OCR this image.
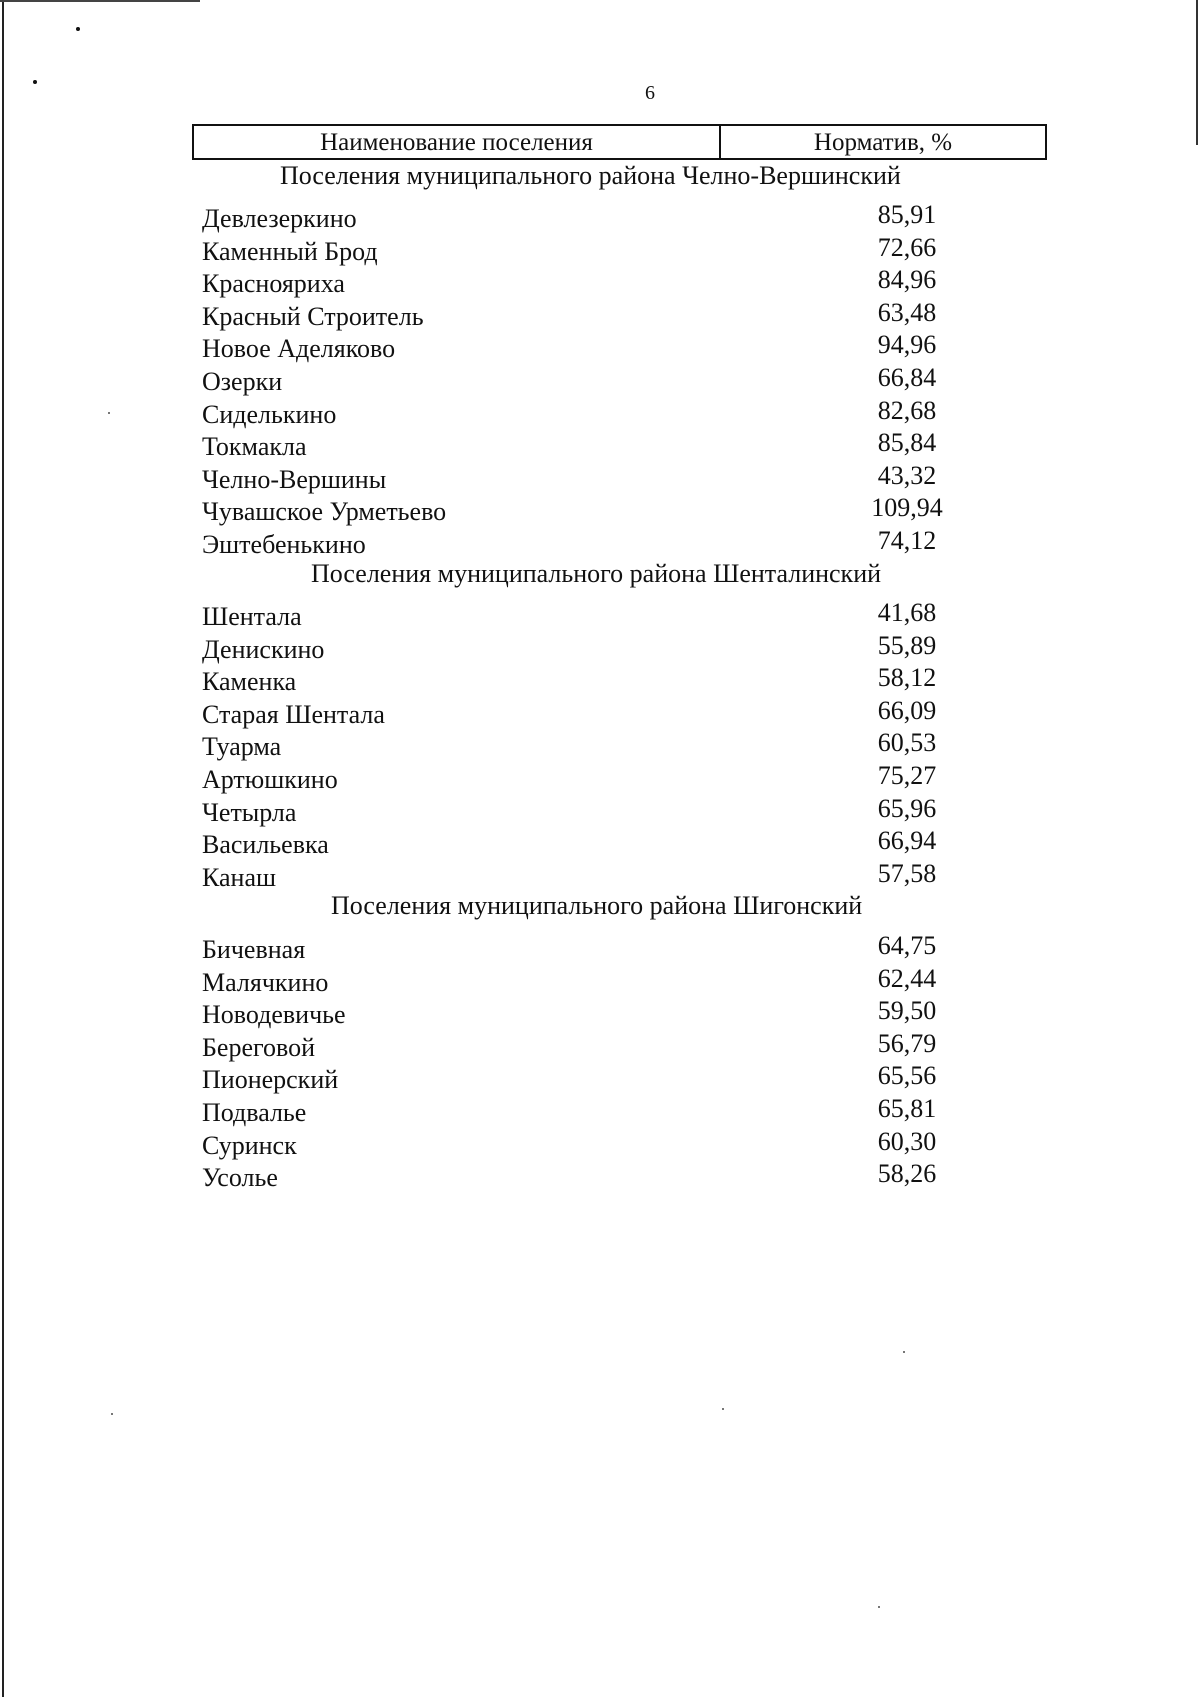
6
Наименование поселения	Норматив, %
Поселения муниципального района Челно-Вершинский
Девлезеркино	85,91
Каменный Брод	72,66
Краснояриха	84,96
Красный Строитель	63,48
Новое Аделяково	94,96
Озерки	66,84
Сиделькино	82,68
Токмакла	85,84
Челно-Вершины	43,32
Чувашское Урметьево	109,94
Эштебенькино	74,12
Поселения муниципального района Шенталинский
Шентала	41,68
Денискино	55,89
Каменка	58,12
Старая Шентала	66,09
Туарма	60,53
Артюшкино	75,27
Четырла	65,96
Васильевка	66,94
Канаш	57,58
Поселения муниципального района Шигонский
Бичевная	64,75
Малячкино	62,44
Новодевичье	59,50
Береговой	56,79
Пионерский	65,56
Подвалье	65,81
Суринск	60,30
Усолье	58,26
